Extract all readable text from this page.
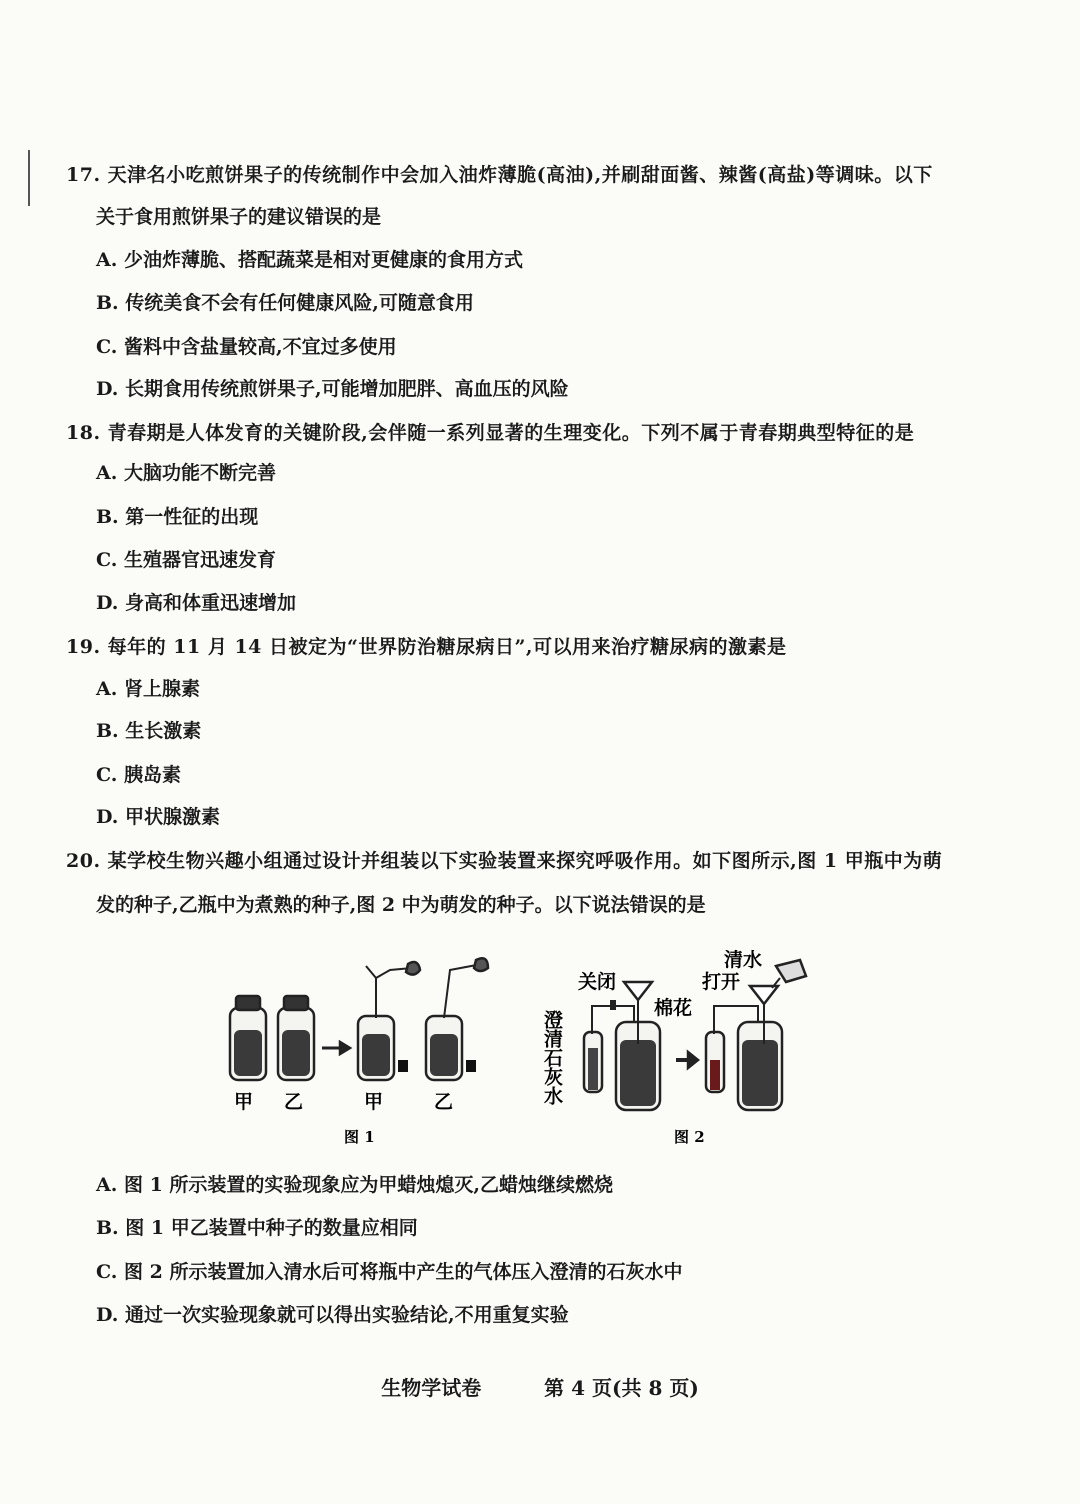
17. 天津名小吃煎饼果子的传统制作中会加入油炸薄脆(高油),并刷甜面酱、辣酱(高盐)等调味。以下
关于食用煎饼果子的建议错误的是
A. 少油炸薄脆、搭配蔬菜是相对更健康的食用方式
B. 传统美食不会有任何健康风险,可随意食用
C. 酱料中含盐量较高,不宜过多使用
D. 长期食用传统煎饼果子,可能增加肥胖、高血压的风险
18. 青春期是人体发育的关键阶段,会伴随一系列显著的生理变化。下列不属于青春期典型特征的是
A. 大脑功能不断完善
B. 第一性征的出现
C. 生殖器官迅速发育
D. 身高和体重迅速增加
19. 每年的 11 月 14 日被定为“世界防治糖尿病日”,可以用来治疗糖尿病的激素是
A. 肾上腺素
B. 生长激素
C. 胰岛素
D. 甲状腺激素
20. 某学校生物兴趣小组通过设计并组装以下实验装置来探究呼吸作用。如下图所示,图 1 甲瓶中为萌
发的种子,乙瓶中为煮熟的种子,图 2 中为萌发的种子。以下说法错误的是
甲 乙	甲	乙
图 1	图 2
关闭	打开
棉花
清水
澄清石灰水
A. 图 1 所示装置的实验现象应为甲蜡烛熄灭,乙蜡烛继续燃烧
B. 图 1 甲乙装置中种子的数量应相同
C. 图 2 所示装置加入清水后可将瓶中产生的气体压入澄清的石灰水中
D. 通过一次实验现象就可以得出实验结论,不用重复实验
生物学试卷	第 4 页(共 8 页)
